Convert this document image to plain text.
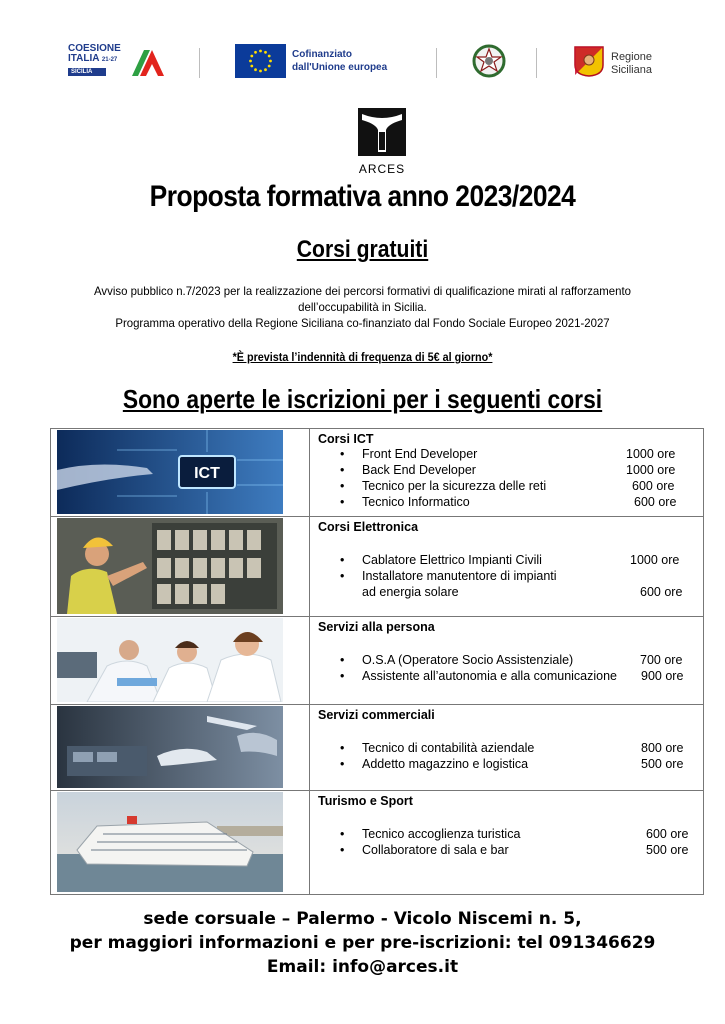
COESIONE
ITALIA 21-27
SICILIA
Cofinanziato
dall'Unione europea
Regione
Siciliana
ARCES
Proposta formativa anno 2023/2024
Corsi gratuiti
Avviso pubblico n.7/2023 per la realizzazione dei percorsi formativi di qualificazione mirati al rafforzamento
dell’occupabilità in Sicilia.
Programma operativo della Regione Siciliana co-finanziato dal Fondo Sociale Europeo 2021-2027
*È prevista l’indennità di frequenza di 5€ al giorno*
Sono aperte le iscrizioni per i seguenti corsi
ICT
Corsi ICT
• Front End Developer	1000 ore
• Back End Developer	1000 ore
• Tecnico per la sicurezza delle reti	600 ore
• Tecnico Informatico	600 ore
Corsi Elettronica
• Cablatore Elettrico Impianti Civili	1000 ore
• Installatore manutentore di impianti
ad energia solare	600 ore
Servizi alla persona
• O.S.A (Operatore Socio Assistenziale)	700 ore
• Assistente all’autonomia e alla comunicazione 900 ore
Servizi commerciali
• Tecnico di contabilità aziendale	800 ore
• Addetto magazzino e logistica	500 ore
Turismo e Sport
• Tecnico accoglienza turistica	600 ore
• Collaboratore di sala e bar	500 ore
sede corsuale – Palermo - Vicolo Niscemi n. 5,
per maggiori informazioni e per pre-iscrizioni: tel 091346629
Email: info@arces.it
